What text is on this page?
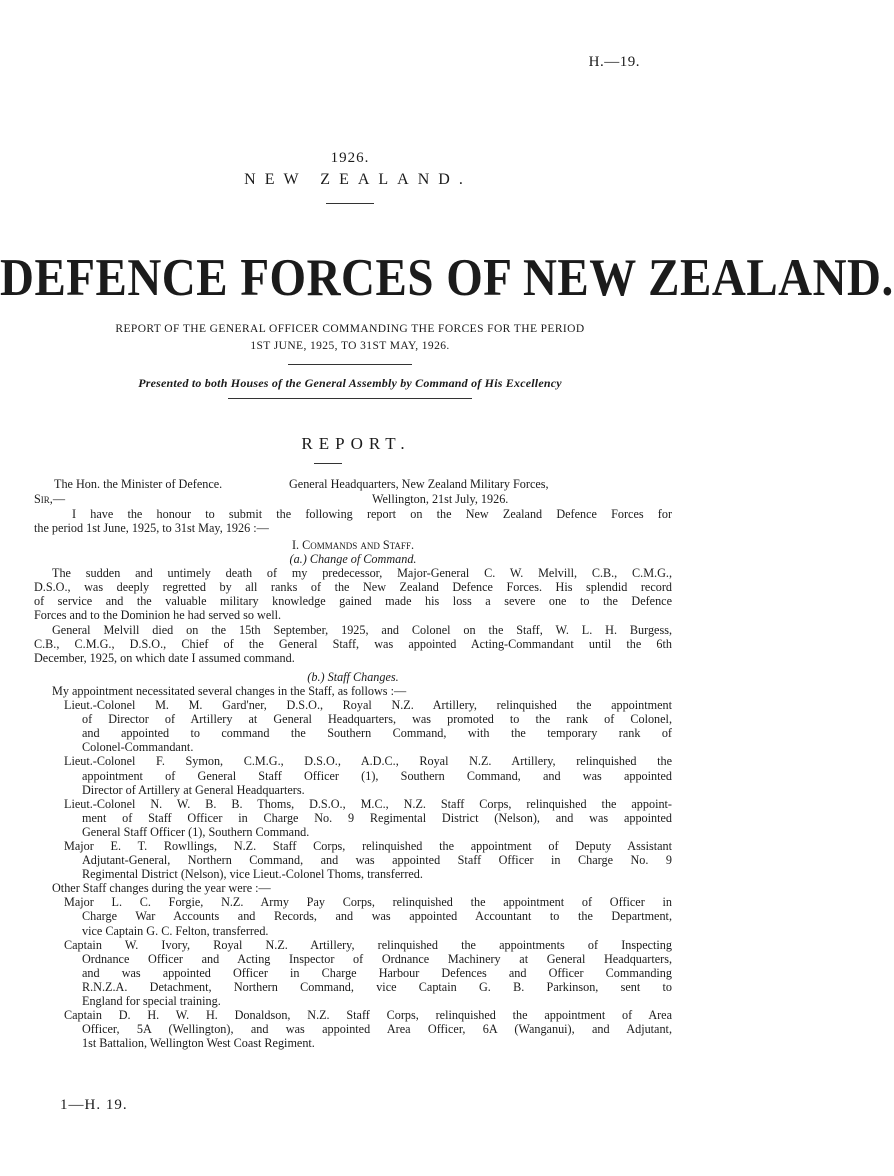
H.—19.
1926.
NEW ZEALAND.
DEFENCE FORCES OF NEW ZEALAND.
REPORT OF THE GENERAL OFFICER COMMANDING THE FORCES FOR THE PERIOD
1ST JUNE, 1925, TO 31ST MAY, 1926.
Presented to both Houses of the General Assembly by Command of His Excellency
REPORT.
The Hon. the Minister of Defence.	General Headquarters, New Zealand Military Forces,
Sir,—	Wellington, 21st July, 1926.
I have the honour to submit the following report on the New Zealand Defence Forces for
the period 1st June, 1925, to 31st May, 1926 :—
I. Commands and Staff.
(a.) Change of Command.
The sudden and untimely death of my predecessor, Major-General C. W. Melvill, C.B., C.M.G.,
D.S.O., was deeply regretted by all ranks of the New Zealand Defence Forces. His splendid record
of service and the valuable military knowledge gained made his loss a severe one to the Defence
Forces and to the Dominion he had served so well.
General Melvill died on the 15th September, 1925, and Colonel on the Staff, W. L. H. Burgess,
C.B., C.M.G., D.S.O., Chief of the General Staff, was appointed Acting-Commandant until the 6th
December, 1925, on which date I assumed command.
(b.) Staff Changes.
My appointment necessitated several changes in the Staff, as follows :—
Lieut.-Colonel M. M. Gard'ner, D.S.O., Royal N.Z. Artillery, relinquished the appointment
of Director of Artillery at General Headquarters, was promoted to the rank of Colonel,
and appointed to command the Southern Command, with the temporary rank of
Colonel-Commandant.
Lieut.-Colonel F. Symon, C.M.G., D.S.O., A.D.C., Royal N.Z. Artillery, relinquished the
appointment of General Staff Officer (1), Southern Command, and was appointed
Director of Artillery at General Headquarters.
Lieut.-Colonel N. W. B. B. Thoms, D.S.O., M.C., N.Z. Staff Corps, relinquished the appoint-
ment of Staff Officer in Charge No. 9 Regimental District (Nelson), and was appointed
General Staff Officer (1), Southern Command.
Major E. T. Rowllings, N.Z. Staff Corps, relinquished the appointment of Deputy Assistant
Adjutant-General, Northern Command, and was appointed Staff Officer in Charge No. 9
Regimental District (Nelson), vice Lieut.-Colonel Thoms, transferred.
Other Staff changes during the year were :—
Major L. C. Forgie, N.Z. Army Pay Corps, relinquished the appointment of Officer in
Charge War Accounts and Records, and was appointed Accountant to the Department,
vice Captain G. C. Felton, transferred.
Captain W. Ivory, Royal N.Z. Artillery, relinquished the appointments of Inspecting
Ordnance Officer and Acting Inspector of Ordnance Machinery at General Headquarters,
and was appointed Officer in Charge Harbour Defences and Officer Commanding
R.N.Z.A. Detachment, Northern Command, vice Captain G. B. Parkinson, sent to
England for special training.
Captain D. H. W. H. Donaldson, N.Z. Staff Corps, relinquished the appointment of Area
Officer, 5A (Wellington), and was appointed Area Officer, 6A (Wanganui), and Adjutant,
1st Battalion, Wellington West Coast Regiment.
1—H. 19.
